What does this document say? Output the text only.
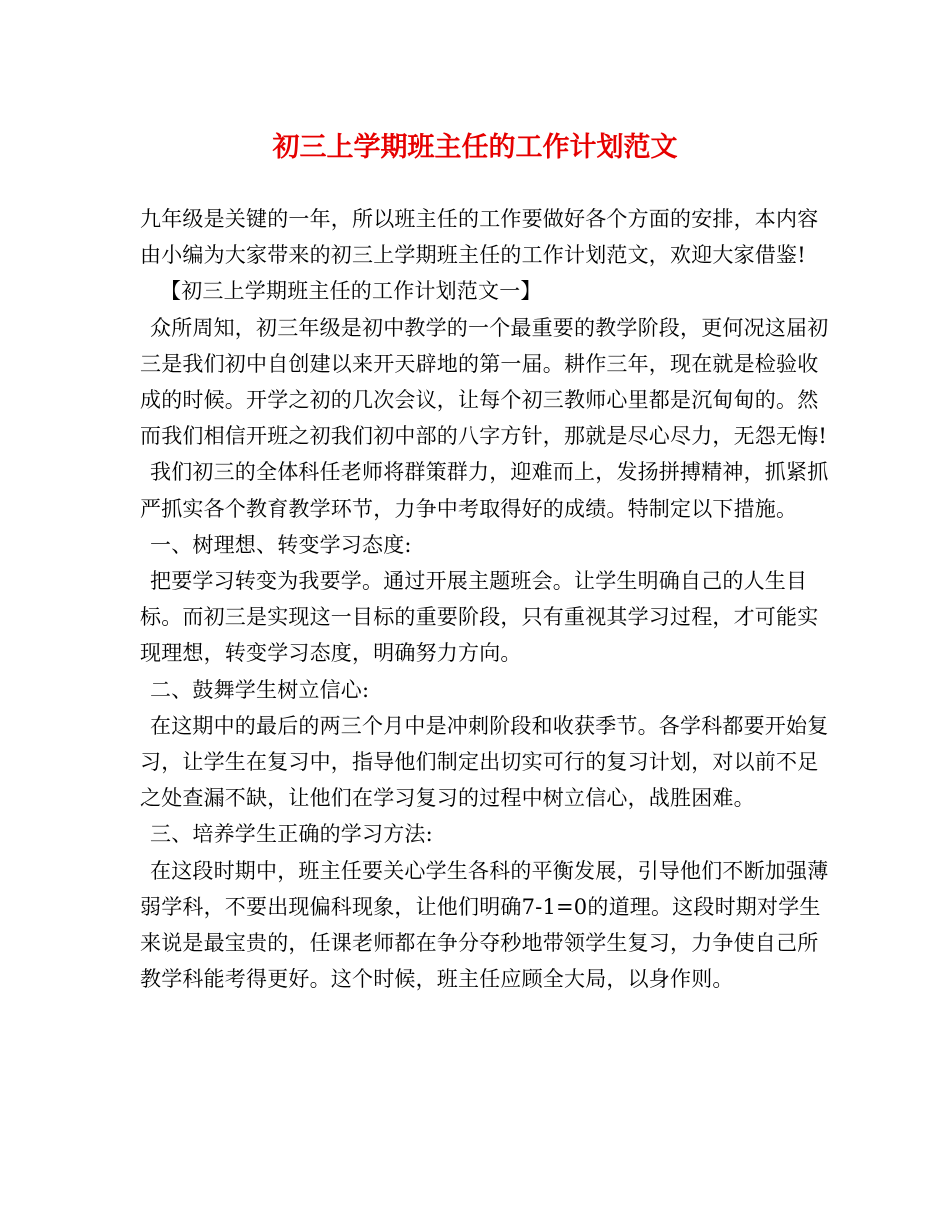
初三上学期班主任的工作计划范文

九年级是关键的一年，所以班主任的工作要做好各个方面的安排，本内容由小编为大家带来的初三上学期班主任的工作计划范文，欢迎大家借鉴!

【初三上学期班主任的工作计划范文一】

众所周知，初三年级是初中教学的一个最重要的教学阶段，更何况这届初三是我们初中自创建以来开天辟地的第一届。耕作三年，现在就是检验收成的时候。开学之初的几次会议，让每个初三教师心里都是沉甸甸的。然而我们相信开班之初我们初中部的八字方针，那就是尽心尽力，无怨无悔!

我们初三的全体科任老师将群策群力，迎难而上，发扬拼搏精神，抓紧抓严抓实各个教育教学环节，力争中考取得好的成绩。特制定以下措施。

一、树理想、转变学习态度:

把要学习转变为我要学。通过开展主题班会。让学生明确自己的人生目标。而初三是实现这一目标的重要阶段，只有重视其学习过程，才可能实现理想，转变学习态度，明确努力方向。

二、鼓舞学生树立信心:

在这期中的最后的两三个月中是冲刺阶段和收获季节。各学科都要开始复习，让学生在复习中，指导他们制定出切实可行的复习计划，对以前不足之处查漏不缺，让他们在学习复习的过程中树立信心，战胜困难。

三、培养学生正确的学习方法:

在这段时期中，班主任要关心学生各科的平衡发展，引导他们不断加强薄弱学科，不要出现偏科现象，让他们明确7-1=0的道理。这段时期对学生来说是最宝贵的，任课老师都在争分夺秒地带领学生复习，力争使自己所教学科能考得更好。这个时候，班主任应顾全大局，以身作则。
